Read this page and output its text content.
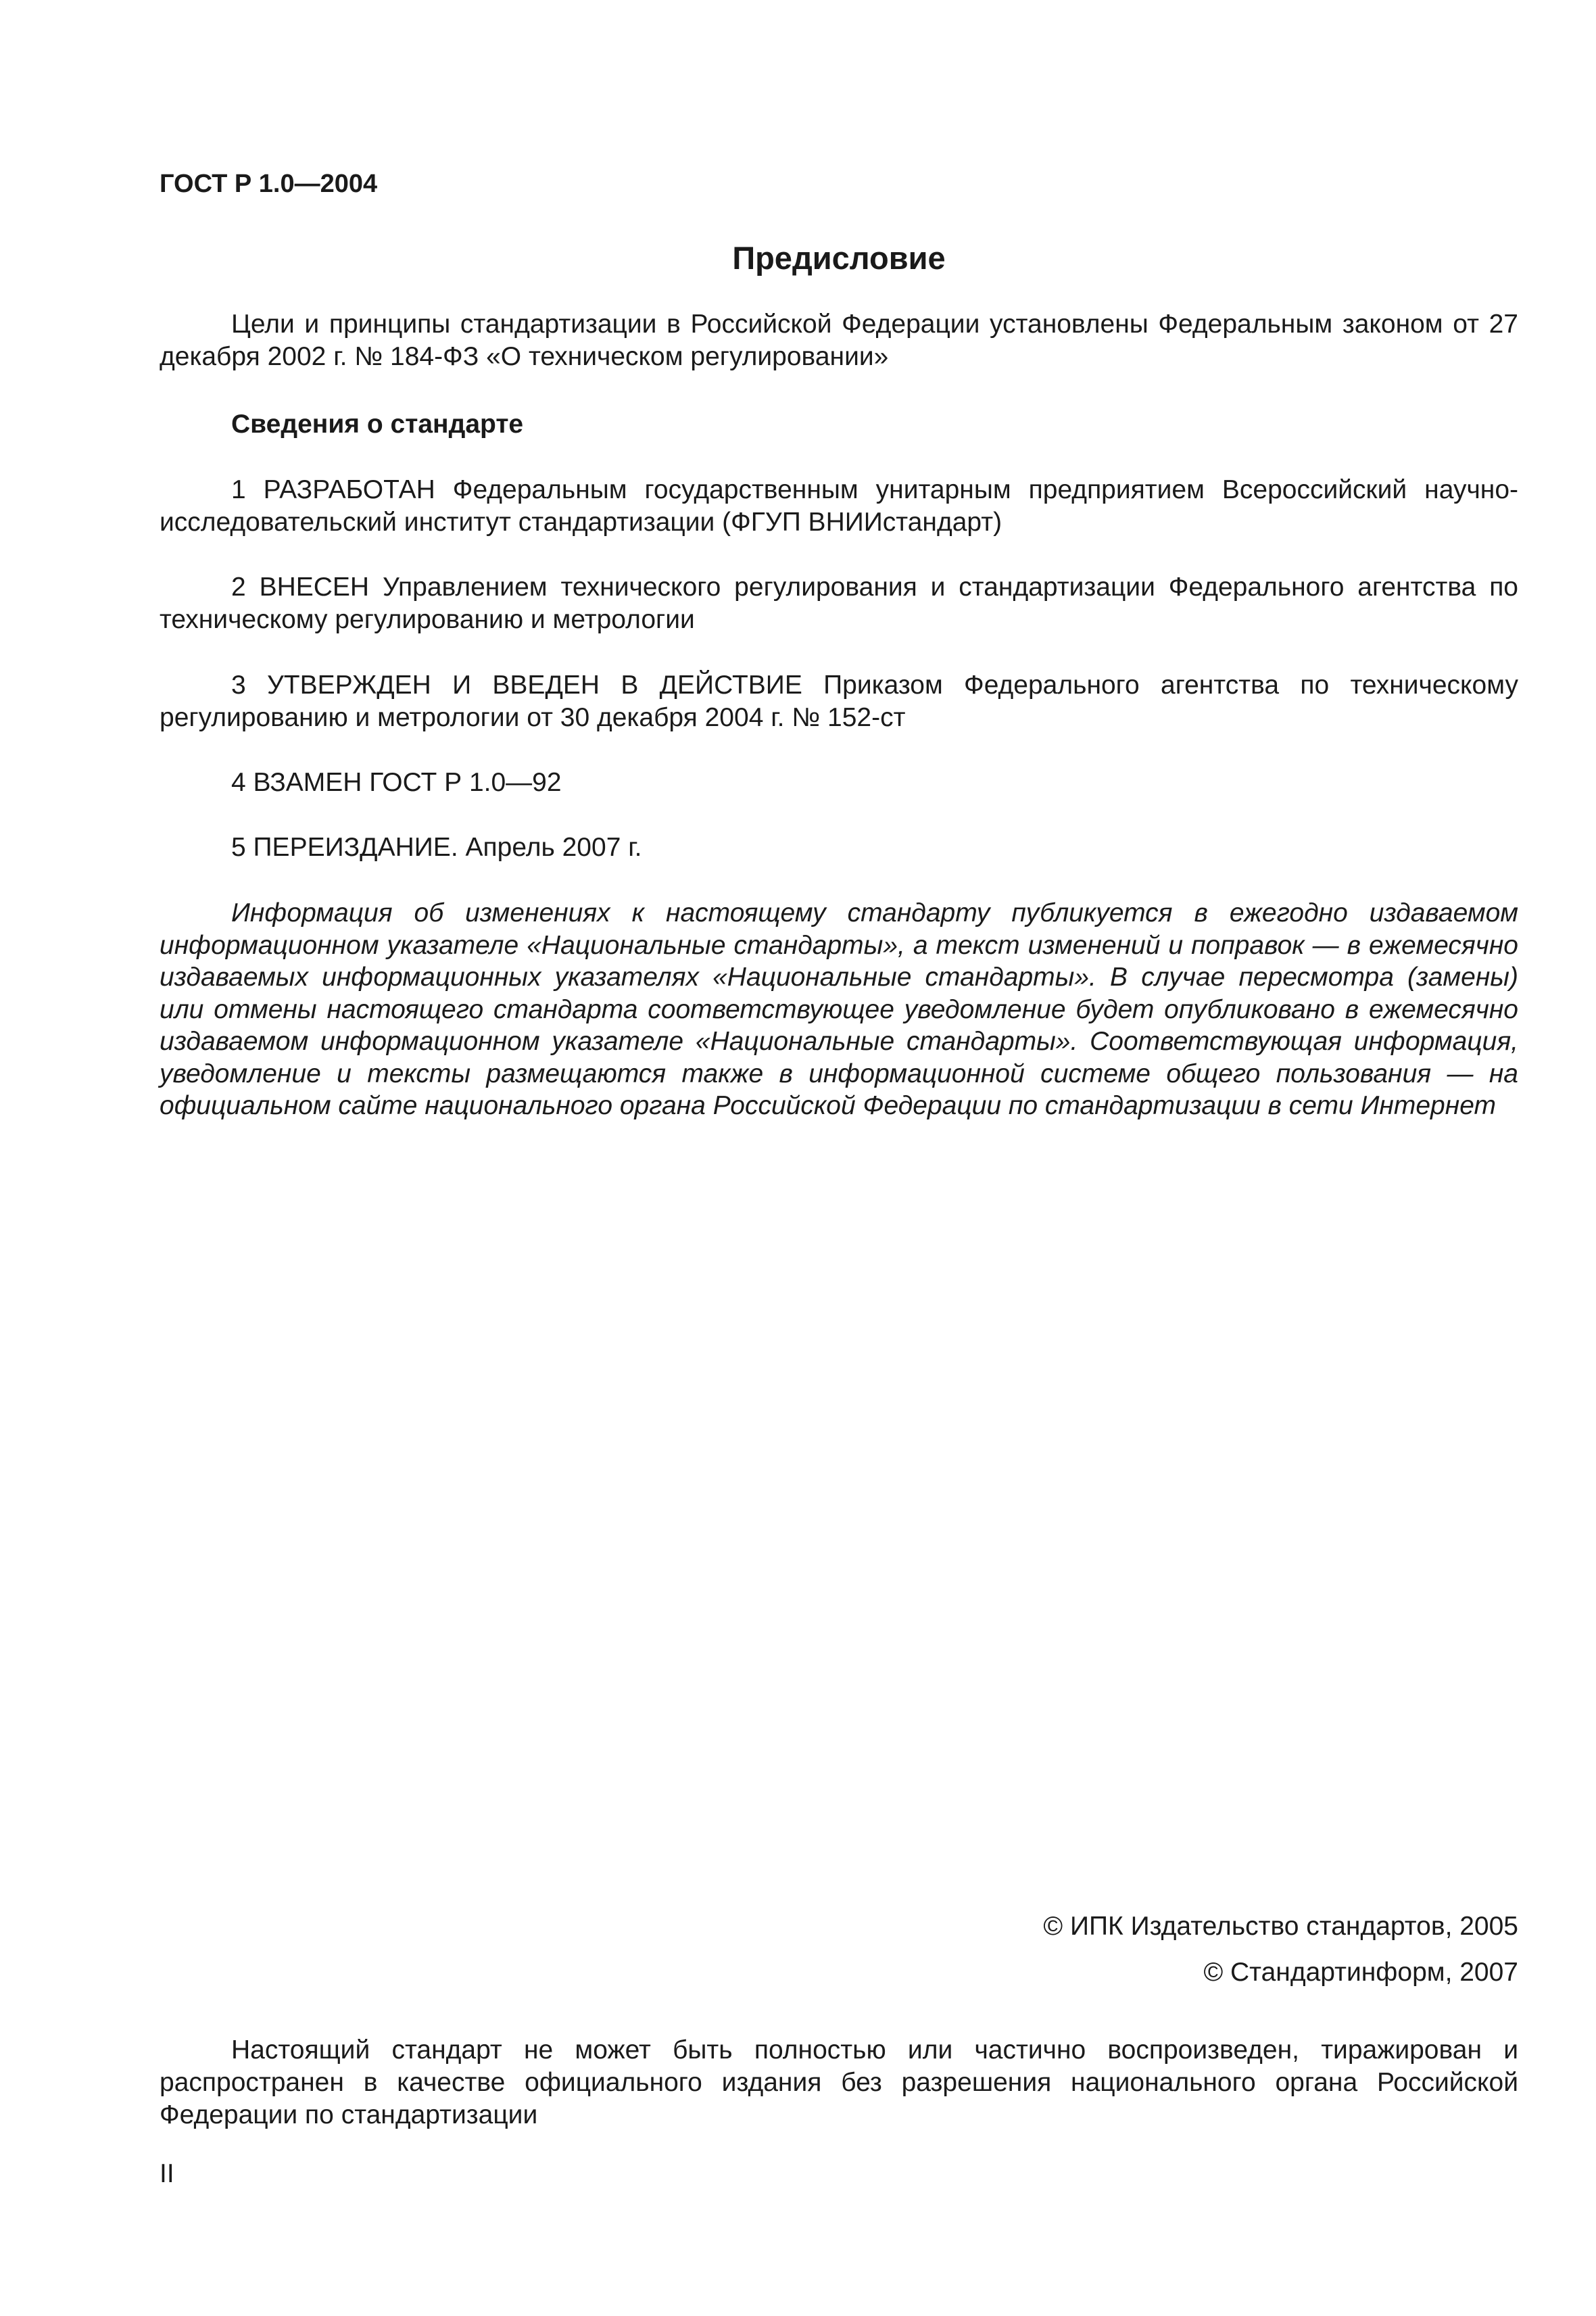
ГОСТ Р 1.0—2004
Предисловие

Цели и принципы стандартизации в Российской Федерации установлены Федеральным законом от 27 декабря 2002 г. № 184-ФЗ «О техническом регулировании»

Сведения о стандарте

1 РАЗРАБОТАН Федеральным государственным унитарным предприятием Всероссийский научно-исследовательский институт стандартизации (ФГУП ВНИИстандарт)

2 ВНЕСЕН Управлением технического регулирования и стандартизации Федерального агентства по техническому регулированию и метрологии

3 УТВЕРЖДЕН И ВВЕДЕН В ДЕЙСТВИЕ Приказом Федерального агентства по техническому регулированию и метрологии от 30 декабря 2004 г. № 152-ст

4 ВЗАМЕН ГОСТ Р 1.0—92

5 ПЕРЕИЗДАНИЕ. Апрель 2007 г.

Информация об изменениях к настоящему стандарту публикуется в ежегодно издаваемом информационном указателе «Национальные стандарты», а текст изменений и поправок — в ежемесячно издаваемых информационных указателях «Национальные стандарты». В случае пересмотра (замены) или отмены настоящего стандарта соответствующее уведомление будет опубликовано в ежемесячно издаваемом информационном указателе «Национальные стандарты». Соответствующая информация, уведомление и тексты размещаются также в информационной системе общего пользования — на официальном сайте национального органа Российской Федерации по стандартизации в сети Интернет

© ИПК Издательство стандартов, 2005
© Стандартинформ, 2007

Настоящий стандарт не может быть полностью или частично воспроизведен, тиражирован и распространен в качестве официального издания без разрешения национального органа Российской Федерации по стандартизации

II
